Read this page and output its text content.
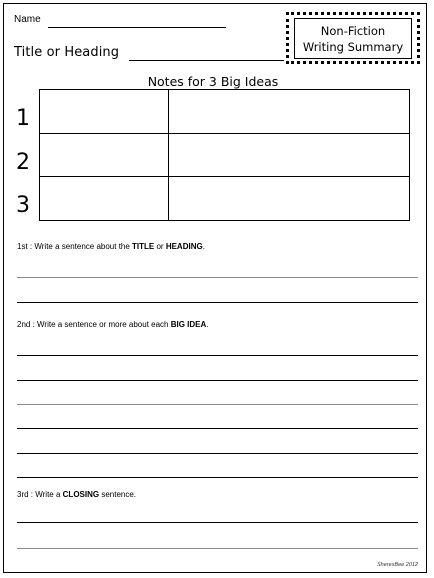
Name
Title or Heading
Non-Fiction
Writing Summary
Notes for 3 Big Ideas
1
2
3
1st : Write a sentence about the TITLE or HEADING.
2nd : Write a sentence or more about each BIG IDEA.
3rd : Write a CLOSING sentence.
SheresBee 2012
